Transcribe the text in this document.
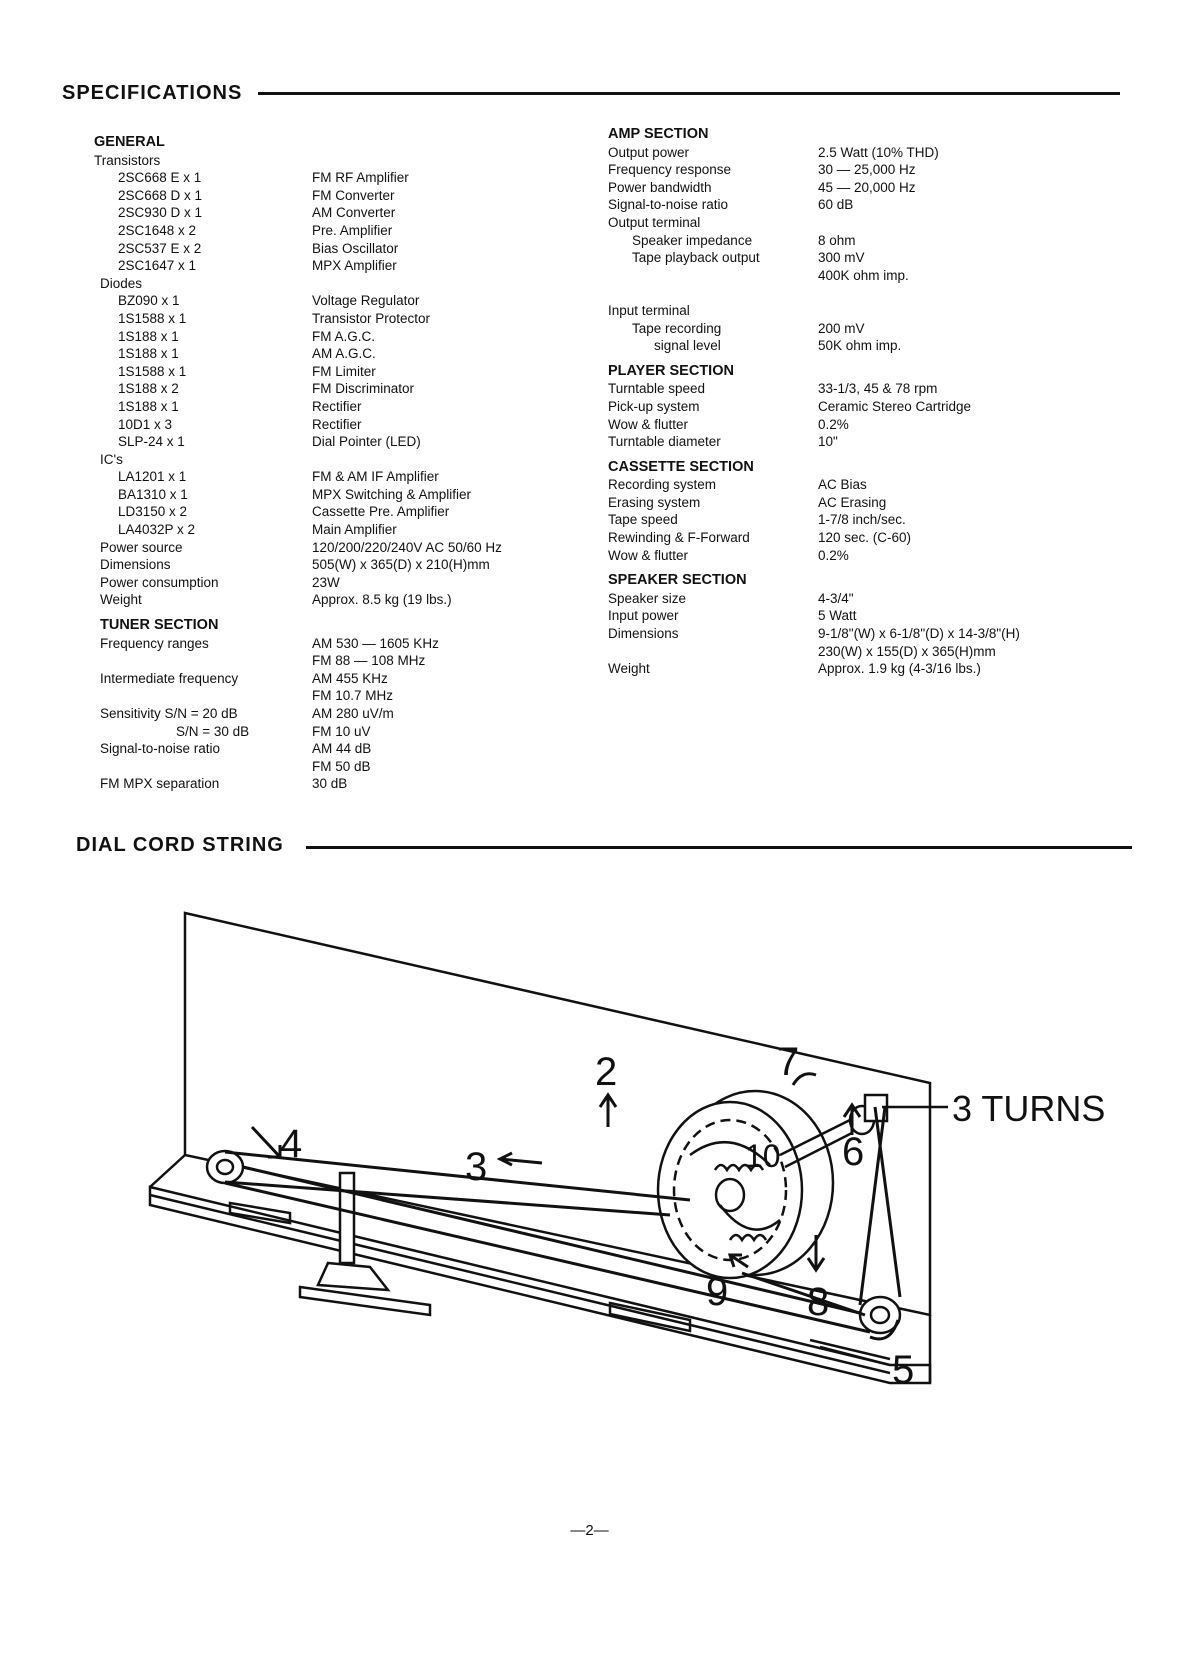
SPECIFICATIONS
GENERAL
Transistors
2SC668 E x 1
2SC668 D x 1
2SC930 D x 1
2SC1648 x 2
2SC537 E x 2
2SC1647 x 1
Diodes
BZ090 x 1
1S1588 x 1
1S188 x 1
1S188 x 1
1S1588 x 1
1S188 x 2
1S188 x 1
10D1 x 3
SLP-24 x 1
IC's
LA1201 x 1
BA1310 x 1
LD3150 x 2
LA4032P x 2
Power source
Dimensions
Power consumption
Weight
TUNER SECTION
Frequency ranges
Intermediate frequency
Sensitivity S/N = 20 dB
S/N = 30 dB
Signal-to-noise ratio
FM MPX separation
FM RF Amplifier
FM Converter
AM Converter
Pre. Amplifier
Bias Oscillator
MPX Amplifier
Voltage Regulator
Transistor Protector
FM A.G.C.
AM A.G.C.
FM Limiter
FM Discriminator
Rectifier
Rectifier
Dial Pointer (LED)
FM & AM IF Amplifier
MPX Switching & Amplifier
Cassette Pre. Amplifier
Main Amplifier
120/200/220/240V AC 50/60 Hz
505(W) x 365(D) x 210(H)mm
23W
Approx. 8.5 kg (19 lbs.)
AM 530 — 1605 KHz
FM 88 — 108 MHz
AM 455 KHz
FM 10.7 MHz
AM 280 uV/m
FM 10 uV
AM 44 dB
FM 50 dB
30 dB
AMP SECTION
Output power
Frequency response
Power bandwidth
Signal-to-noise ratio
Output terminal
Speaker impedance
Tape playback output
Input terminal
Tape recording
signal level
PLAYER SECTION
Turntable speed
Pick-up system
Wow & flutter
Turntable diameter
CASSETTE SECTION
Recording system
Erasing system
Tape speed
Rewinding & F-Forward
Wow & flutter
SPEAKER SECTION
Speaker size
Input power
Dimensions
Weight
2.5 Watt (10% THD)
30 — 25,000 Hz
45 — 20,000 Hz
60 dB
8 ohm
300 mV
400K ohm imp.
200 mV
50K ohm imp.
33-1/3, 45 & 78 rpm
Ceramic Stereo Cartridge
0.2%
10"
AC Bias
AC Erasing
1-7/8 inch/sec.
120 sec. (C-60)
0.2%
4-3/4"
5 Watt
9-1/8"(W) x 6-1/8"(D) x 14-3/8"(H)
230(W) x 155(D) x 365(H)mm
Approx. 1.9 kg (4-3/16 lbs.)
DIAL CORD STRING
2
3
4
5
6
7
8
9
10
3 TURNS
—2—
